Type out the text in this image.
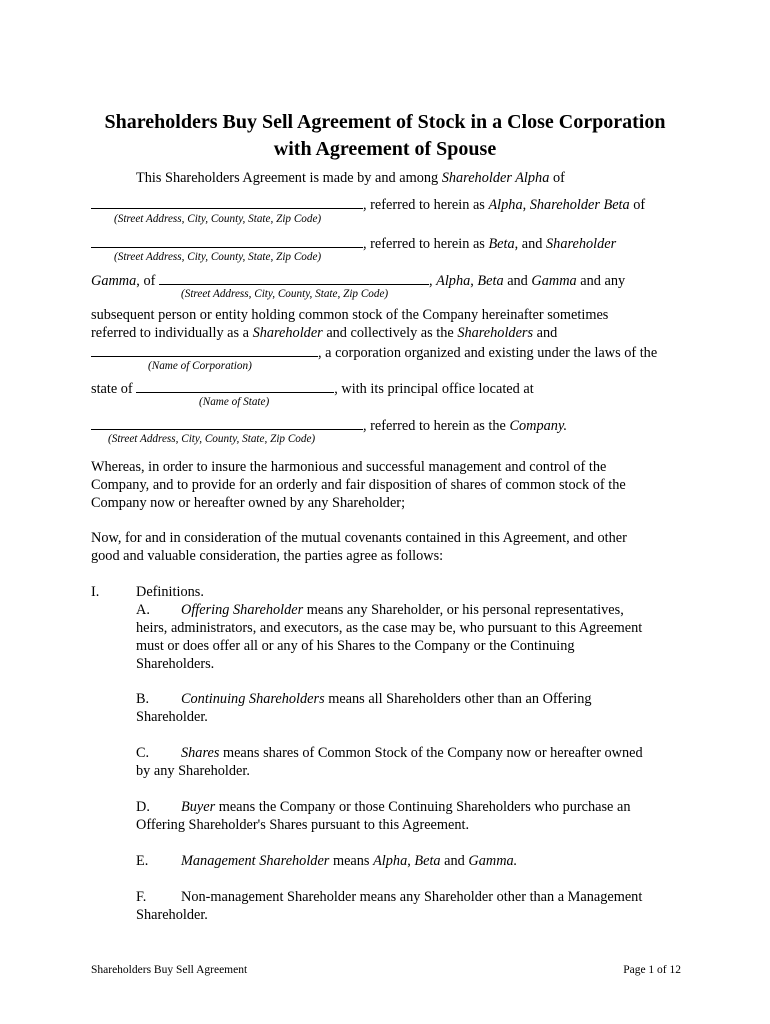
Shareholders Buy Sell Agreement of Stock in a Close Corporation
with Agreement of Spouse
This Shareholders Agreement is made by and among Shareholder Alpha of
, referred to herein as Alpha, Shareholder Beta of
(Street Address, City, County, State, Zip Code)
, referred to herein as Beta, and Shareholder
(Street Address, City, County, State, Zip Code)
Gamma, of	, Alpha, Beta and Gamma and any
(Street Address, City, County, State, Zip Code)
subsequent person or entity holding common stock of the Company hereinafter sometimes
referred to individually as a Shareholder and collectively as the Shareholders and
, a corporation organized and existing under the laws of the
(Name of Corporation)
state of	, with its principal office located at
(Name of State)
, referred to herein as the Company.
(Street Address, City, County, State, Zip Code)
Whereas, in order to insure the harmonious and successful management and control of the
Company, and to provide for an orderly and fair disposition of shares of common stock of the
Company now or hereafter owned by any Shareholder;
Now, for and in consideration of the mutual covenants contained in this Agreement, and other
good and valuable consideration, the parties agree as follows:
I.	Definitions.
A. Offering Shareholder means any Shareholder, or his personal representatives,
heirs, administrators, and executors, as the case may be, who pursuant to this Agreement
must or does offer all or any of his Shares to the Company or the Continuing
Shareholders.
B. Continuing Shareholders means all Shareholders other than an Offering
Shareholder.
C. Shares means shares of Common Stock of the Company now or hereafter owned
by any Shareholder.
D. Buyer means the Company or those Continuing Shareholders who purchase an
Offering Shareholder's Shares pursuant to this Agreement.
E. Management Shareholder means Alpha, Beta and Gamma.
F. Non-management Shareholder means any Shareholder other than a Management
Shareholder.
Shareholders Buy Sell Agreement	Page 1 of 12
